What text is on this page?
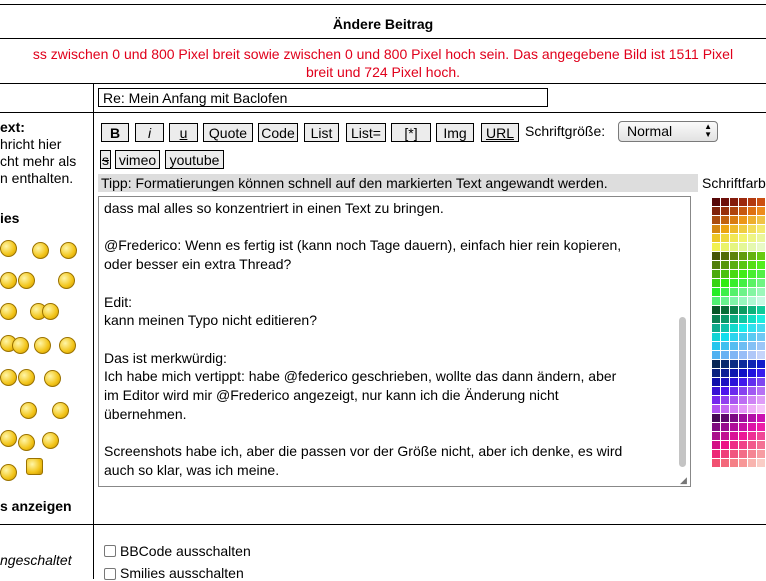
Ändere Beitrag
ss zwischen 0 und 800 Pixel breit sowie zwischen 0 und 800 Pixel hoch sein. Das angegebene Bild ist 1511 Pixel
breit und 724 Pixel hoch.
ext:
hricht hier
cht mehr als
n enthalten.
ies
s anzeigen
ngeschaltet
Re: Mein Anfang mit Baclofen
B	i	u	Quote	Code	List	List=	[*]	Img	URL Schriftgröße:	Normal	▲
▼
s vimeo youtube
Tipp: Formatierungen können schnell auf den markierten Text angewandt werden.	Schriftfarb
dass mal alles so konzentriert in einen Text zu bringen.

@Frederico: Wenn es fertig ist (kann noch Tage dauern), einfach hier rein kopieren,
oder besser ein extra Thread?

Edit:
kann meinen Typo nicht editieren?

Das ist merkwürdig:
Ich habe mich vertippt: habe @federico geschrieben, wollte das dann ändern, aber
im Editor wird mir @Frederico angezeigt, nur kann ich die Änderung nicht
übernehmen.

Screenshots habe ich, aber die passen vor der Größe nicht, aber ich denke, es wird
auch so klar, was ich meine.
◢
BBCode ausschalten
Smilies ausschalten
